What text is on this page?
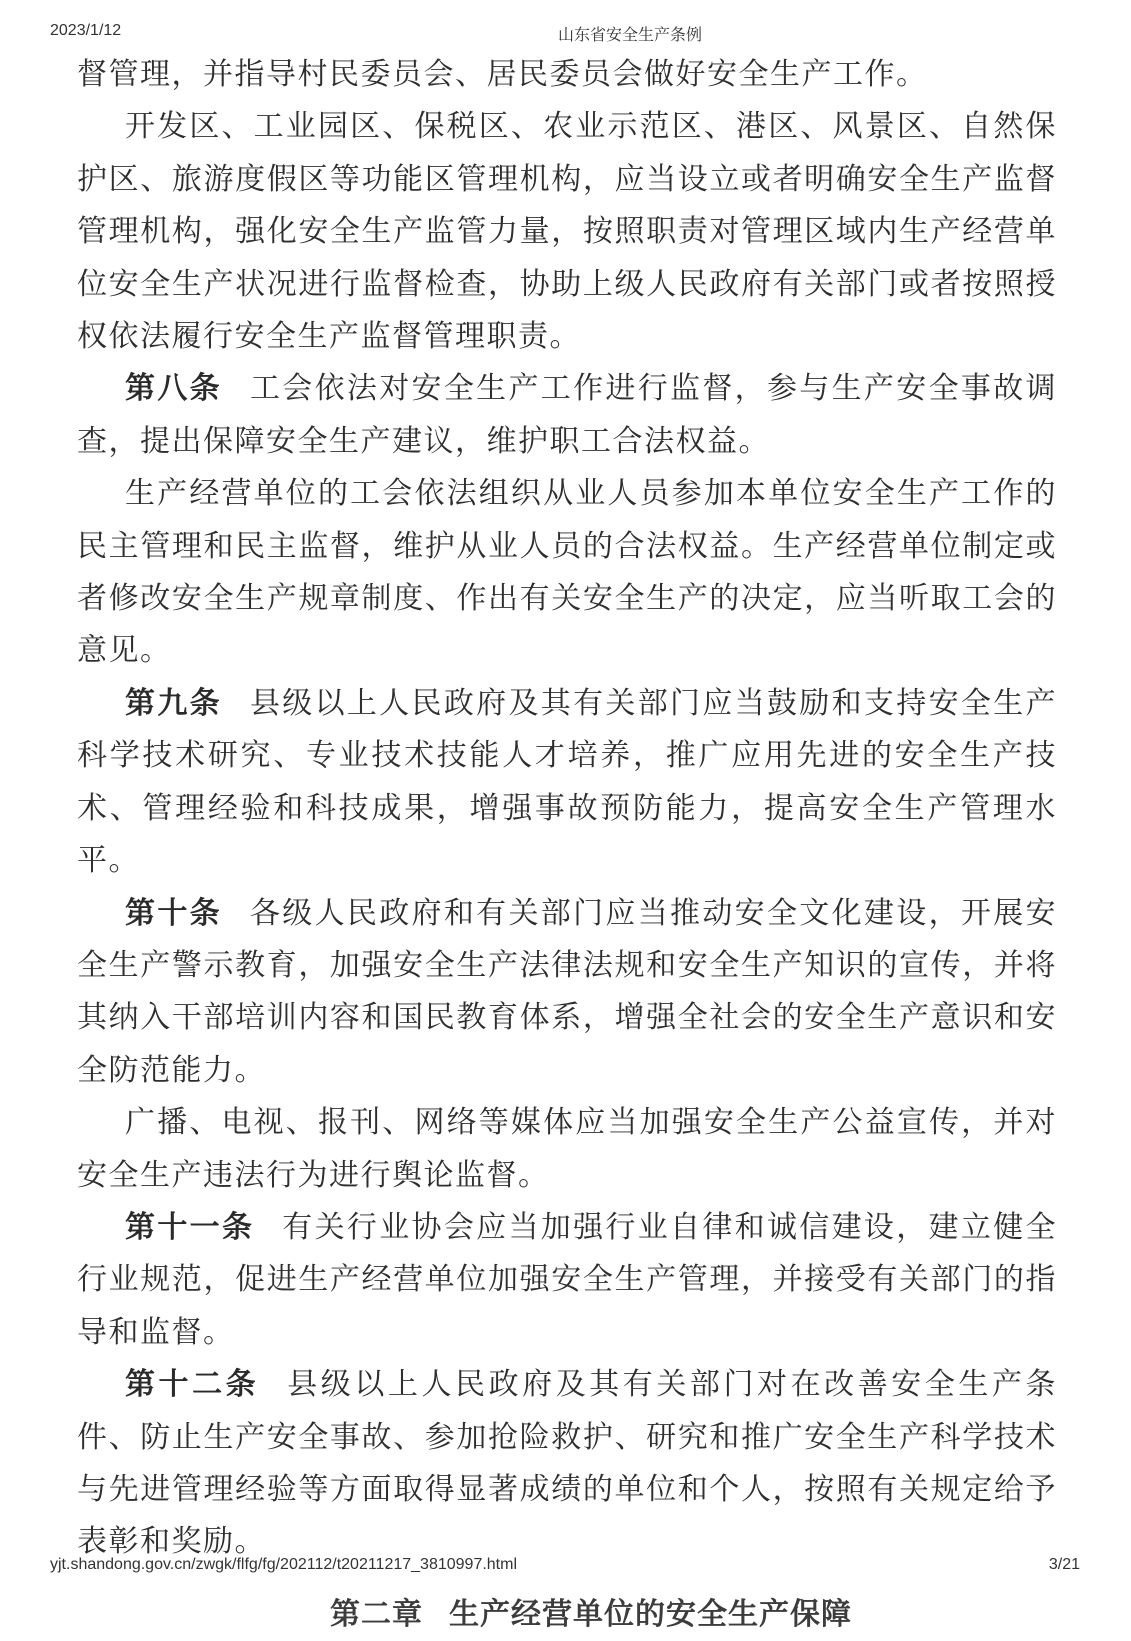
2023/1/12	山东省安全生产条例

督管理，并指导村民委员会、居民委员会做好安全生产工作。

开发区、工业园区、保税区、农业示范区、港区、风景区、自然保护区、旅游度假区等功能区管理机构，应当设立或者明确安全生产监督管理机构，强化安全生产监管力量，按照职责对管理区域内生产经营单位安全生产状况进行监督检查，协助上级人民政府有关部门或者按照授权依法履行安全生产监督管理职责。

第八条 工会依法对安全生产工作进行监督，参与生产安全事故调查，提出保障安全生产建议，维护职工合法权益。

生产经营单位的工会依法组织从业人员参加本单位安全生产工作的民主管理和民主监督，维护从业人员的合法权益。生产经营单位制定或者修改安全生产规章制度、作出有关安全生产的决定，应当听取工会的意见。

第九条 县级以上人民政府及其有关部门应当鼓励和支持安全生产科学技术研究、专业技术技能人才培养，推广应用先进的安全生产技术、管理经验和科技成果，增强事故预防能力，提高安全生产管理水平。

第十条 各级人民政府和有关部门应当推动安全文化建设，开展安全生产警示教育，加强安全生产法律法规和安全生产知识的宣传，并将其纳入干部培训内容和国民教育体系，增强全社会的安全生产意识和安全防范能力。

广播、电视、报刊、网络等媒体应当加强安全生产公益宣传，并对安全生产违法行为进行舆论监督。

第十一条 有关行业协会应当加强行业自律和诚信建设，建立健全行业规范，促进生产经营单位加强安全生产管理，并接受有关部门的指导和监督。

第十二条 县级以上人民政府及其有关部门对在改善安全生产条件、防止生产安全事故、参加抢险救护、研究和推广安全生产科学技术与先进管理经验等方面取得显著成绩的单位和个人，按照有关规定给予表彰和奖励。

第二章 生产经营单位的安全生产保障
yjt.shandong.gov.cn/zwgk/flfg/fg/202112/t20211217_3810997.html	3/21
